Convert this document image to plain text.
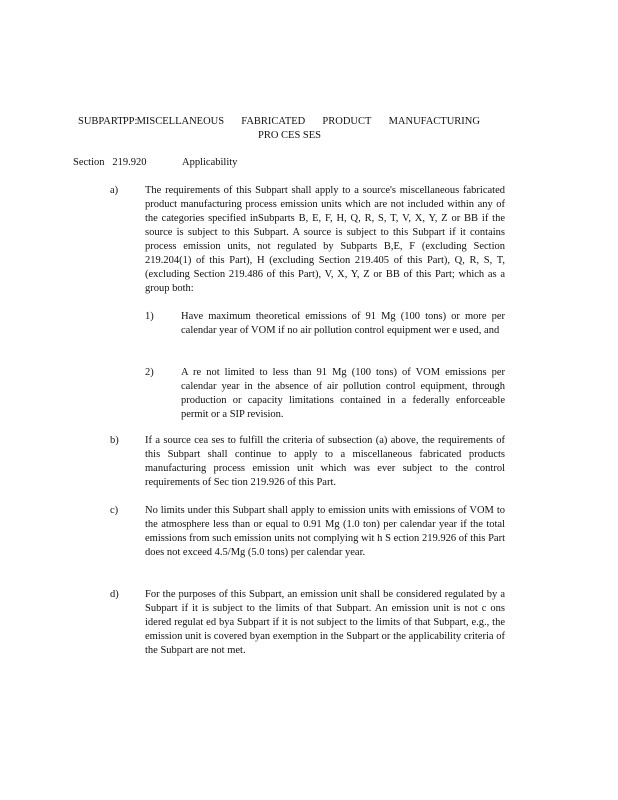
SUBPART PP: MISCELLANEOUS FABRICATED PRODUCT MANUFACTURING
PRO CES SES
Section   219.920	Applicability
a)	The requirements of this Subpart shall apply to a source's miscellaneous fabricated product manufacturing process emission units which are not included within any of the categories specified inSubparts B, E, F, H, Q, R, S, T, V, X, Y, Z or BB if the source is subject to this Subpart. A source is subject to this Subpart if it contains process emission units, not regulated by Subparts B,E, F (excluding Section 219.204(1) of this Part), H (excluding Section 219.405 of this Part), Q, R, S, T, (excluding Section 219.486 of this Part), V, X, Y, Z or BB of this Part; which as a group both:
1)	Have maximum theoretical emissions of 91 Mg (100 tons) or more per calendar year of VOM if no air pollution control equipment wer e used, and
2)	A re not limited to less than 91 Mg (100 tons) of VOM emissions per calendar year in the absence of air pollution control equipment, through production or capacity limitations contained in a federally enforceable permit or a SIP revision.
b)	If a source cea ses to fulfill the criteria of subsection (a) above, the requirements of this Subpart shall continue to apply to a miscellaneous fabricated products manufacturing process emission unit which was ever subject to the control requirements of Sec tion 219.926 of this Part.
c)	No limits under this Subpart shall apply to emission units with emissions of VOM to the atmosphere less than or equal to 0.91 Mg (1.0 ton) per calendar year if the total emissions from such emission units not complying wit h S ection 219.926 of this Part does not exceed 4.5/Mg (5.0 tons) per calendar year.
d)	For the purposes of this Subpart, an emission unit shall be considered regulated by a Subpart if it is subject to the limits of that Subpart. An emission unit is not c ons idered regulat ed bya Subpart if it is not subject to the limits of that Subpart, e.g., the emission unit is covered byan exemption in the Subpart or the applicability criteria of the Subpart are not met.
